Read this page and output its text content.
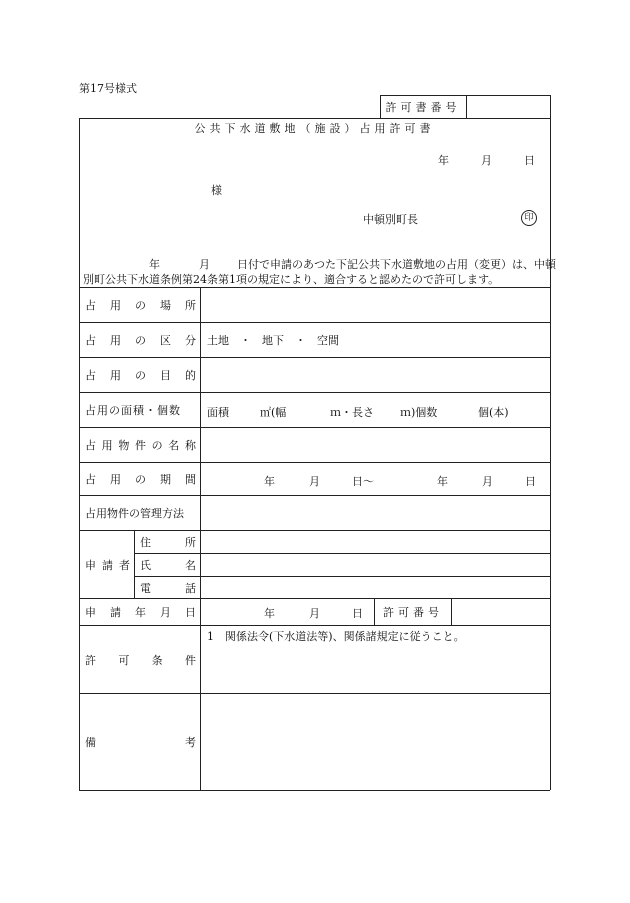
第17号様式
許可書番号
公共下水道敷地（施設）占用許可書
年	月	日
様
中頓別町長	印
年	月 日付で申請のあつた下記公共下水道敷地の占用（変更）は、中頓
別町公共下水道条例第24条第1項の規定により、適合すると認めたので許可します。
占 用 の 場 所
占 用 の 区 分 土地　・　地下　・　空間
占 用 の 目 的
占用の面積・個数	面積	㎡(幅	ｍ・長さ ｍ)個数	個(本)
占 用 物 件 の 名 称
占 用 の 期 間	年	月	日～	年	月	日
占用物件の管理方法
申 請 者
住	所
氏	名
電	話
申 請 年 月 日	年	月	日	許可番号
許 可 条 件
1　関係法令(下水道法等)、関係諸規定に従うこと。
備	考
